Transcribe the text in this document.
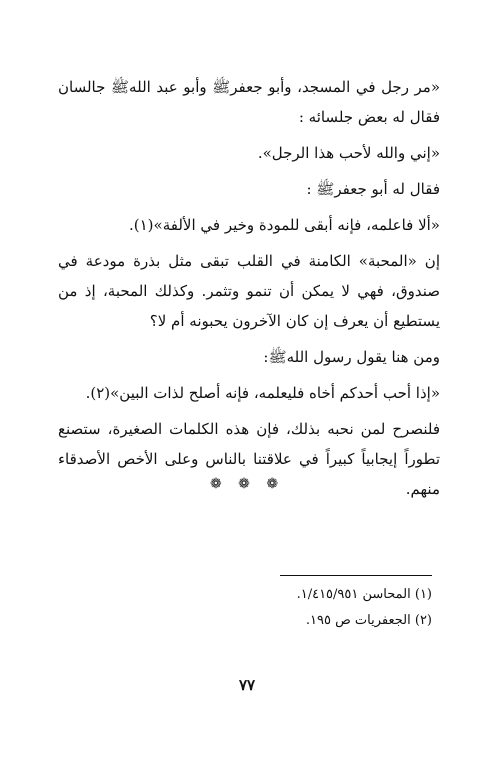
«مر رجل في المسجد، وأبو جعفرﷺ وأبو عبد اللهﷺ جالسان فقال له بعض جلسائه :

«إني والله لأحب هذا الرجل».

فقال له أبو جعفرﷺ :

«ألا فاعلمه، فإنه أبقى للمودة وخير في الألفة»(١).

إن «المحبة» الكامنة في القلب تبقى مثل بذرة مودعة في صندوق، فهي لا يمكن أن تنمو وتثمر. وكذلك المحبة، إذ من يستطيع أن يعرف إن كان الآخرون يحبونه أم لا؟

ومن هنا يقول رسول اللهﷺ:

«إذا أحب أحدكم أخاه فليعلمه، فإنه أصلح لذات البين»(٢).

فلنصرح لمن نحبه بذلك، فإن هذه الكلمات الصغيرة، ستصنع تطوراً إيجابياً كبيراً في علاقتنا بالناس وعلى الأخص الأصدقاء منهم.

❁ ❁ ❁
(١) المحاسن ١/٤١٥/٩٥١.
(٢) الجعفريات ص ١٩٥.
٧٧
